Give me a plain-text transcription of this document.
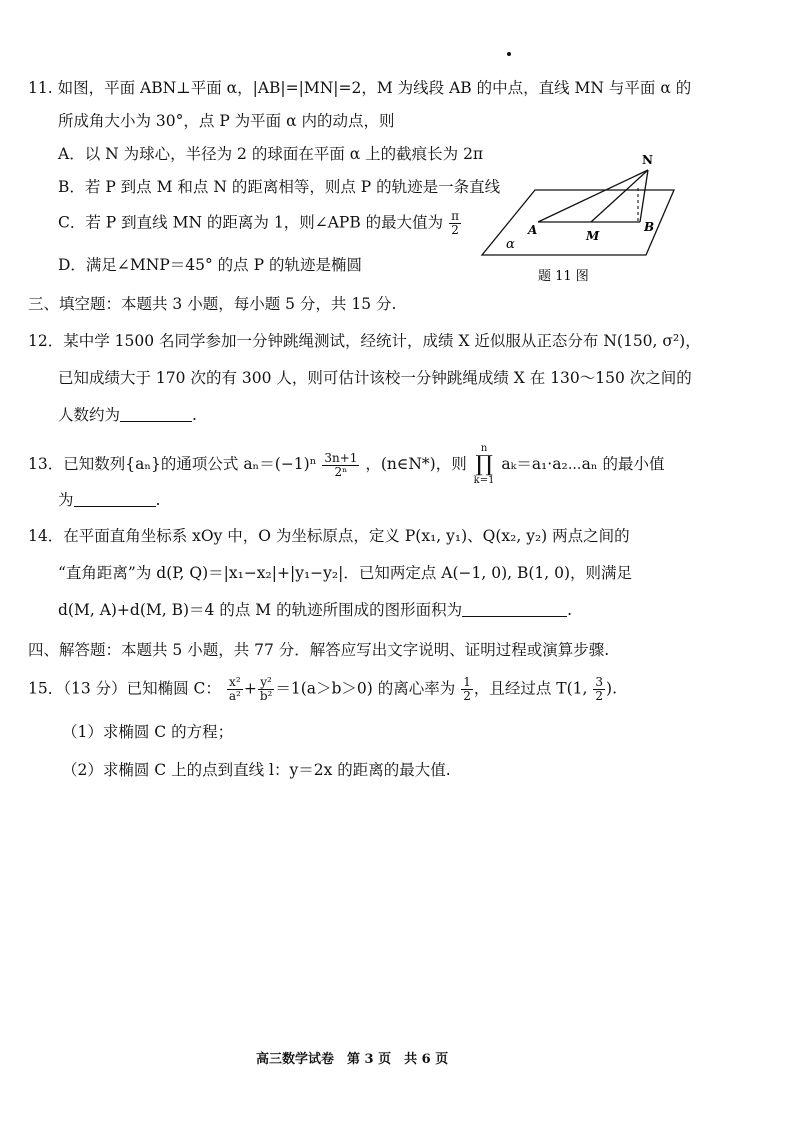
11. 如图，平面 ABN⊥平面 α，|AB|=|MN|=2，M 为线段 AB 的中点，直线 MN 与平面 α 的
所成角大小为 30°，点 P 为平面 α 内的动点，则
A．以 N 为球心，半径为 2 的球面在平面 α 上的截痕长为 2π
B．若 P 到点 M 和点 N 的距离相等，则点 P 的轨迹是一条直线
C．若 P 到直线 MN 的距离为 1，则∠APB 的最大值为 $\frac{\pi}{2}$
D．满足∠MNP＝45° 的点 P 的轨迹是椭圆
N
A	M
B
α
题 11 图
三、填空题：本题共 3 小题，每小题 5 分，共 15 分.
12．某中学 1500 名同学参加一分钟跳绳测试，经统计，成绩 X 近似服从正态分布 N(150, σ²)，
已知成绩大于 170 次的有 300 人，则可估计该校一分钟跳绳成绩 X 在 130～150 次之间的
人数约为	.
13．已知数列{aₙ}的通项公式 $a_n=(-1)^n \frac{3n+1}{\text{2ⁿ}}$ ，(n∈N*)，则 n
∏
k=1 aₖ＝a₁·a₂⋯aₙ 的最小值
为	.
14．在平面直角坐标系 xOy 中，O 为坐标原点，定义 P(x₁, y₁)、Q(x₂, y₂) 两点之间的
“直角距离”为 d(P, Q)＝|x₁−x₂|+|y₁−y₂|．已知两定点 A(−1, 0), B(1, 0)，则满足
d(M, A)+d(M, B)＝4 的点 M 的轨迹所围成的图形面积为	.
四、解答题：本题共 5 小题，共 77 分．解答应写出文字说明、证明过程或演算步骤.
15．（13 分）已知椭圆 C： $\frac{\text{x²}}{\text{a²}} + \frac{\text{y²}}{\text{b²}} =1(a>b>0)$ 的离心率为 $\frac{1}{2}$ ，且经过点 T(1, $\frac{3}{2}$ ).
（1）求椭圆 C 的方程；
（2）求椭圆 C 上的点到直线 l：y＝2x 的距离的最大值.
高三数学试卷　第 3 页　共 6 页
